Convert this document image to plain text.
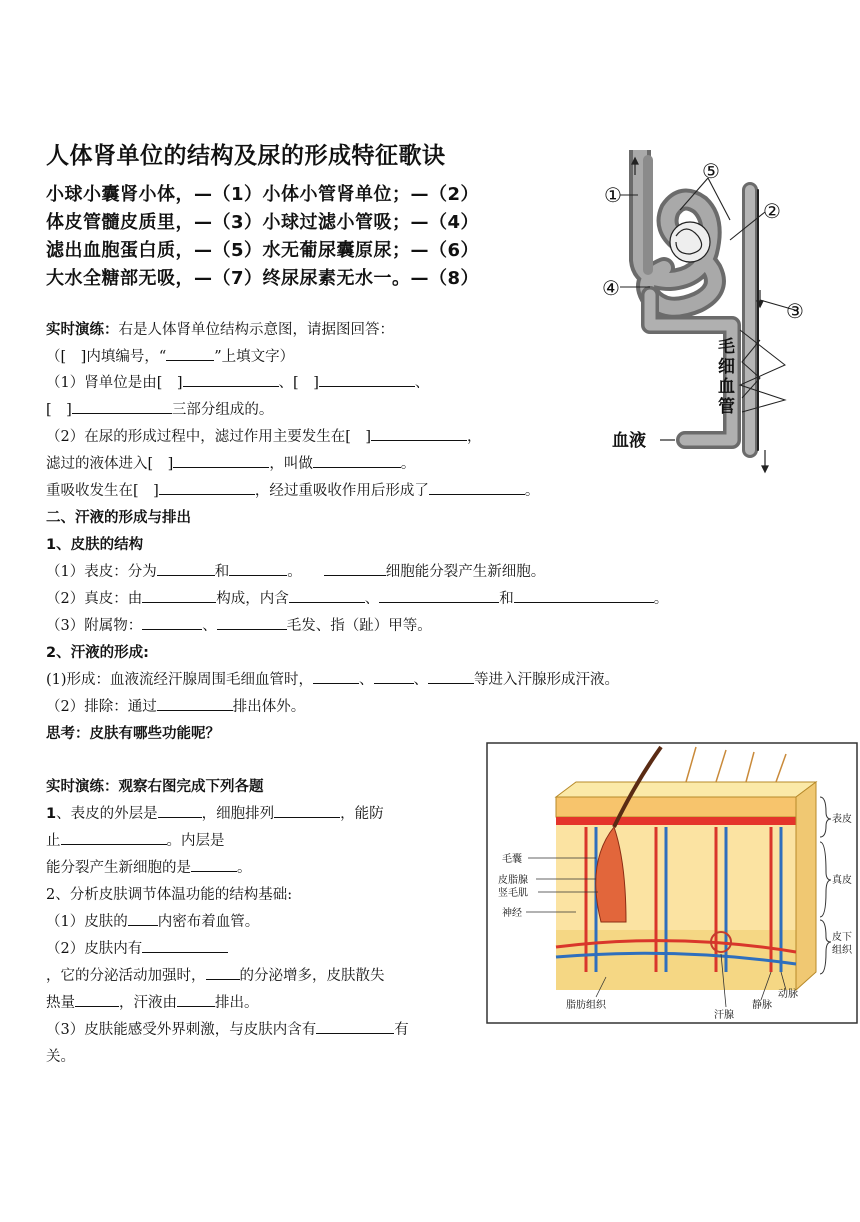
人体肾单位的结构及尿的形成特征歌诀
小球小囊肾小体，—（1）小体小管肾单位；—（2）
体皮管髓皮质里，—（3）小球过滤小管吸；—（4）
滤出血胞蛋白质，—（5）水无葡尿囊原尿；—（6）
大水全糖部无吸，—（7）终尿尿素无水一。—（8）
实时演练：右是人体肾单位结构示意图，请据图回答：
（[　]内填编号，“	”上填文字）
（1）肾单位是由[　]	、[　]	、
[　]	三部分组成的。
（2）在尿的形成过程中，滤过作用主要发生在[　]	，
滤过的液体进入[　]	，叫做	。
重吸收发生在[　]	，经过重吸收作用后形成了	。
二、汗液的形成与排出
1、皮肤的结构
（1）表皮：分为	和	。	细胞能分裂产生新细胞。
（2）真皮：由	构成，内含	、	和	。
（3）附属物：	、	毛发、指（趾）甲等。
2、汗液的形成:
(1)形成：血液流经汗腺周围毛细血管时，	、	、	等进入汗腺形成汗液。
（2）排除：通过	排出体外。
思考：皮肤有哪些功能呢？
实时演练：观察右图完成下列各题
1、表皮的外层是	，细胞排列	，能防
止	。内层是
能分裂产生新细胞的是	。
2、分析皮肤调节体温功能的结构基础:
（1）皮肤的 内密布着血管。
（2）皮肤内有
，它的分泌活动加强时， 的分泌增多，皮肤散失
热量	，汗液由	排出。
（3）皮肤能感受外界刺激，与皮肤内含有	有
关。
①
②
③
④
⑤
毛
细
血
管
血液
毛囊
皮脂腺
竖毛肌
神经
表皮
真皮
皮下
组织
脂肪组织
汗腺
静脉
动脉
